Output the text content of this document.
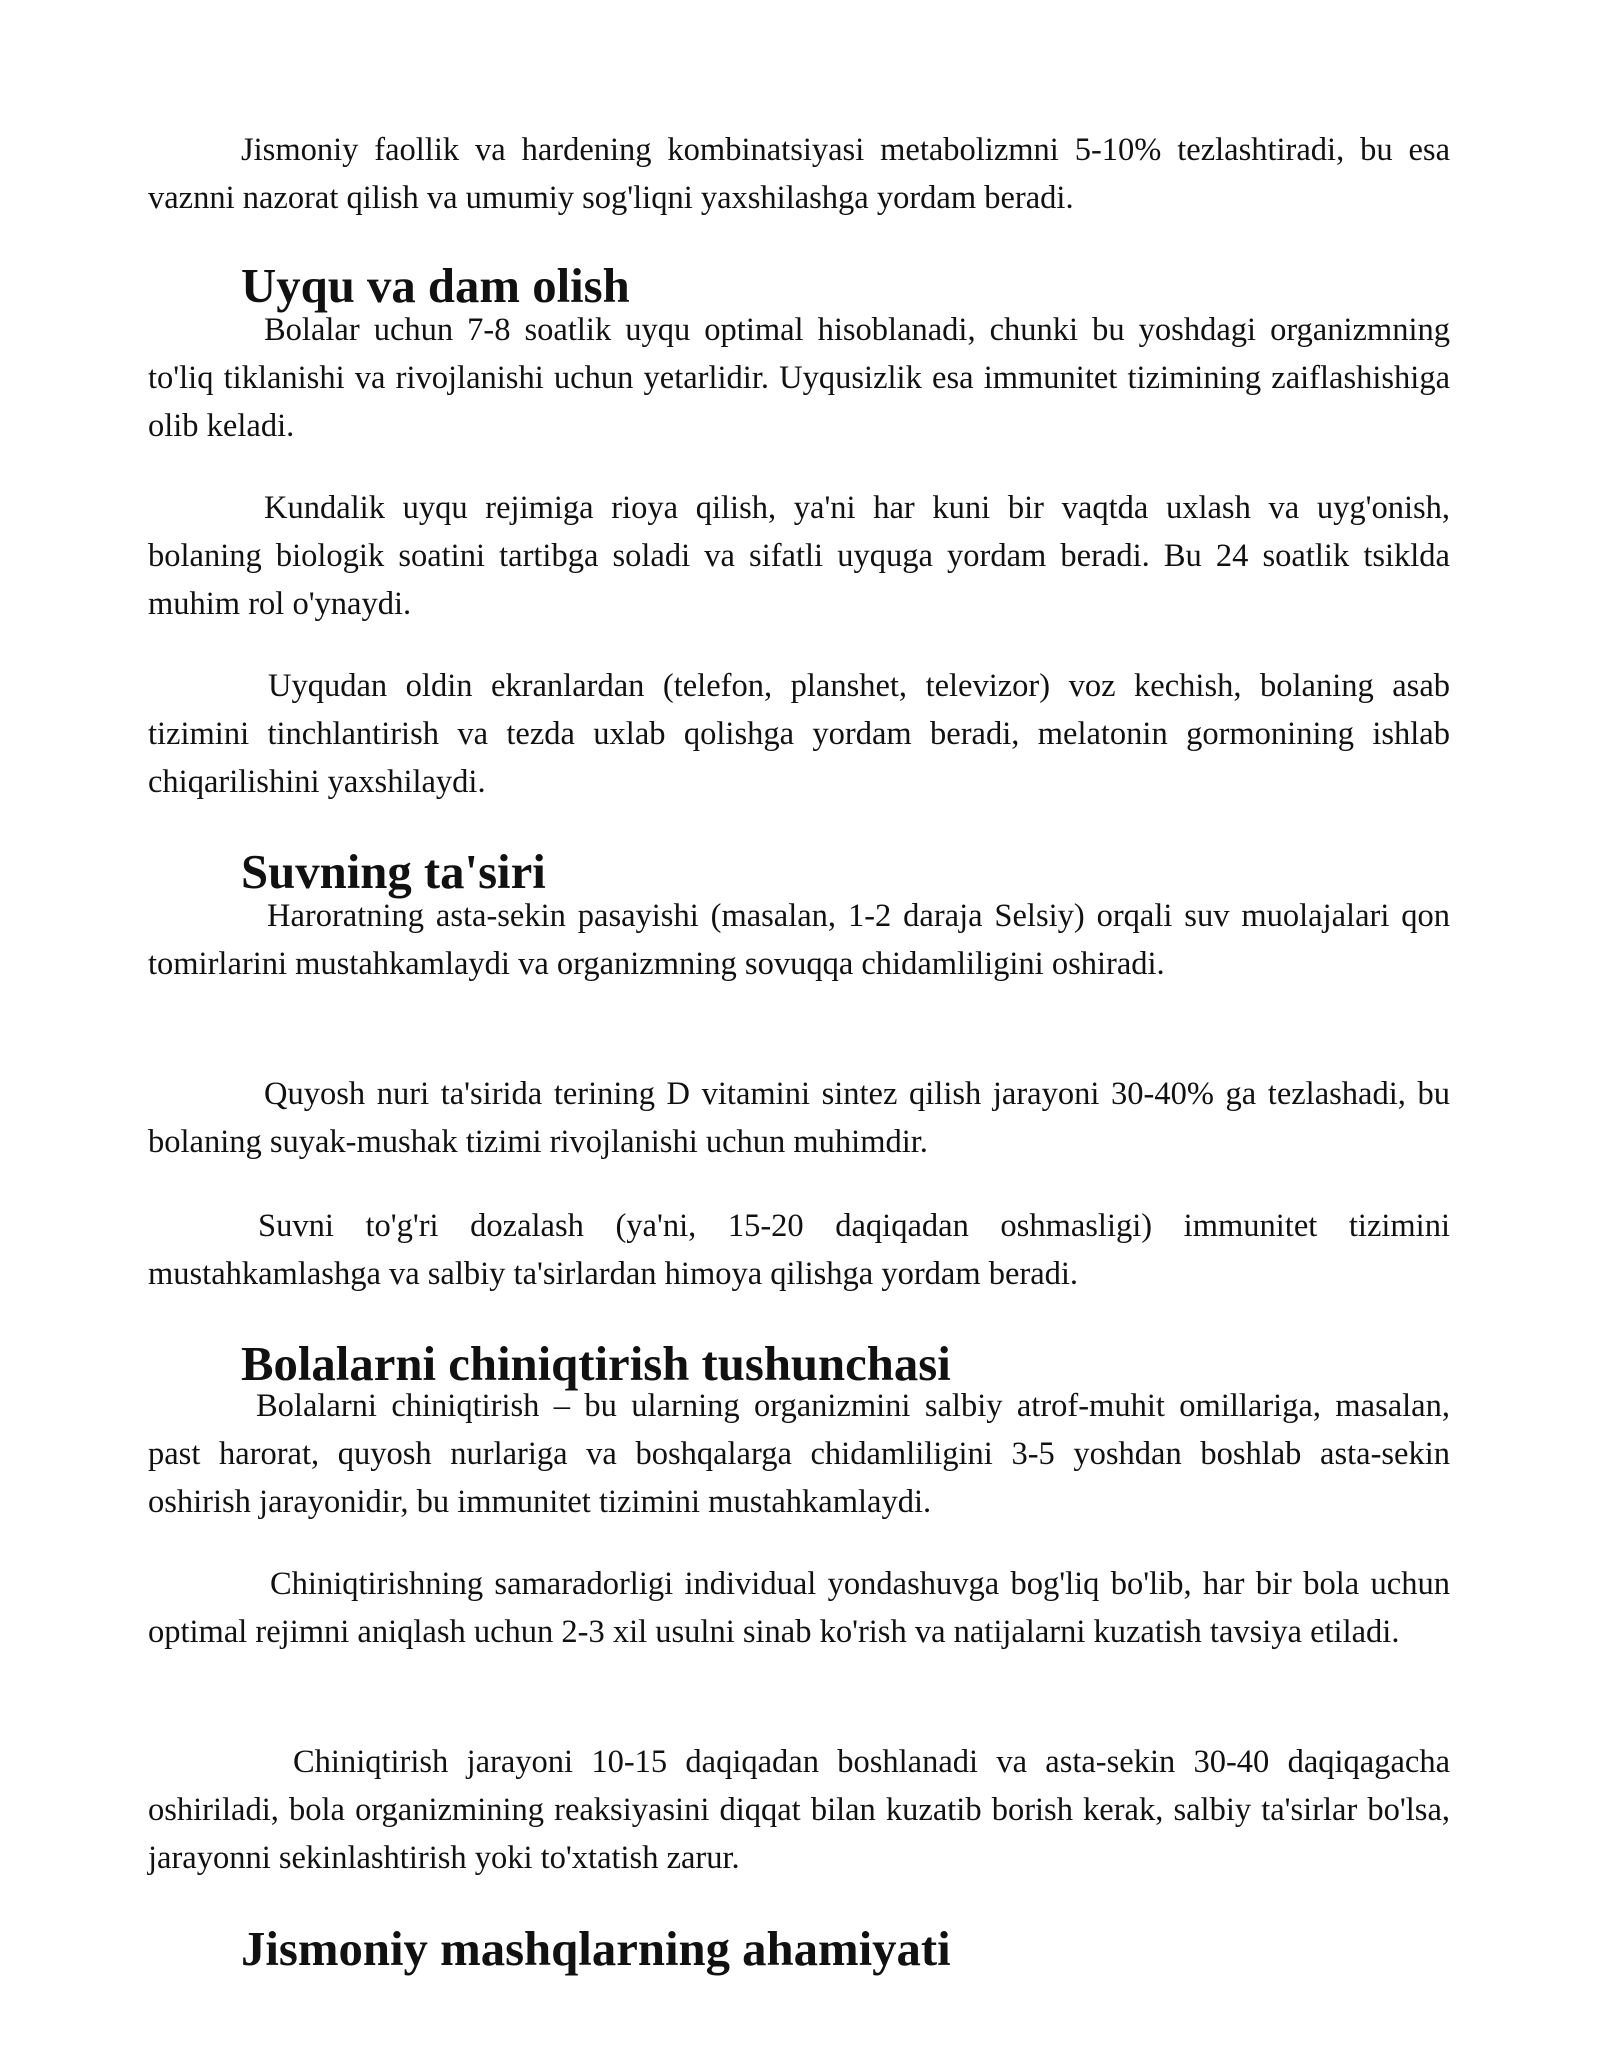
Jismoniy faollik va hardening kombinatsiyasi metabolizmni 5-10% tezlashtiradi, bu esa vaznni nazorat qilish va umumiy sog'liqni yaxshilashga yordam beradi.

Uyqu va dam olish

Bolalar uchun 7-8 soatlik uyqu optimal hisoblanadi, chunki bu yoshdagi organizmning to'liq tiklanishi va rivojlanishi uchun yetarlidir. Uyqusizlik esa immunitet tizimining zaiflashishiga olib keladi.

Kundalik uyqu rejimiga rioya qilish, ya'ni har kuni bir vaqtda uxlash va uyg'onish, bolaning biologik soatini tartibga soladi va sifatli uyquga yordam beradi. Bu 24 soatlik tsiklda muhim rol o'ynaydi.

Uyqudan oldin ekranlardan (telefon, planshet, televizor) voz kechish, bolaning asab tizimini tinchlantirish va tezda uxlab qolishga yordam beradi, melatonin gormonining ishlab chiqarilishini yaxshilaydi.

Suvning ta'siri

Haroratning asta-sekin pasayishi (masalan, 1-2 daraja Selsiy) orqali suv muolajalari qon tomirlarini mustahkamlaydi va organizmning sovuqqa chidamliligini oshiradi.

Quyosh nuri ta'sirida terining D vitamini sintez qilish jarayoni 30-40% ga tezlashadi, bu bolaning suyak-mushak tizimi rivojlanishi uchun muhimdir.

Suvni to'g'ri dozalash (ya'ni, 15-20 daqiqadan oshmasligi) immunitet tizimini mustahkamlashga va salbiy ta'sirlardan himoya qilishga yordam beradi.

Bolalarni chiniqtirish tushunchasi

Bolalarni chiniqtirish – bu ularning organizmini salbiy atrof-muhit omillariga, masalan, past harorat, quyosh nurlariga va boshqalarga chidamliligini 3-5 yoshdan boshlab asta-sekin oshirish jarayonidir, bu immunitet tizimini mustahkamlaydi.

Chiniqtirishning samaradorligi individual yondashuvga bog'liq bo'lib, har bir bola uchun optimal rejimni aniqlash uchun 2-3 xil usulni sinab ko'rish va natijalarni kuzatish tavsiya etiladi.

Chiniqtirish jarayoni 10-15 daqiqadan boshlanadi va asta-sekin 30-40 daqiqagacha oshiriladi, bola organizmining reaksiyasini diqqat bilan kuzatib borish kerak, salbiy ta'sirlar bo'lsa, jarayonni sekinlashtirish yoki to'xtatish zarur.

Jismoniy mashqlarning ahamiyati
